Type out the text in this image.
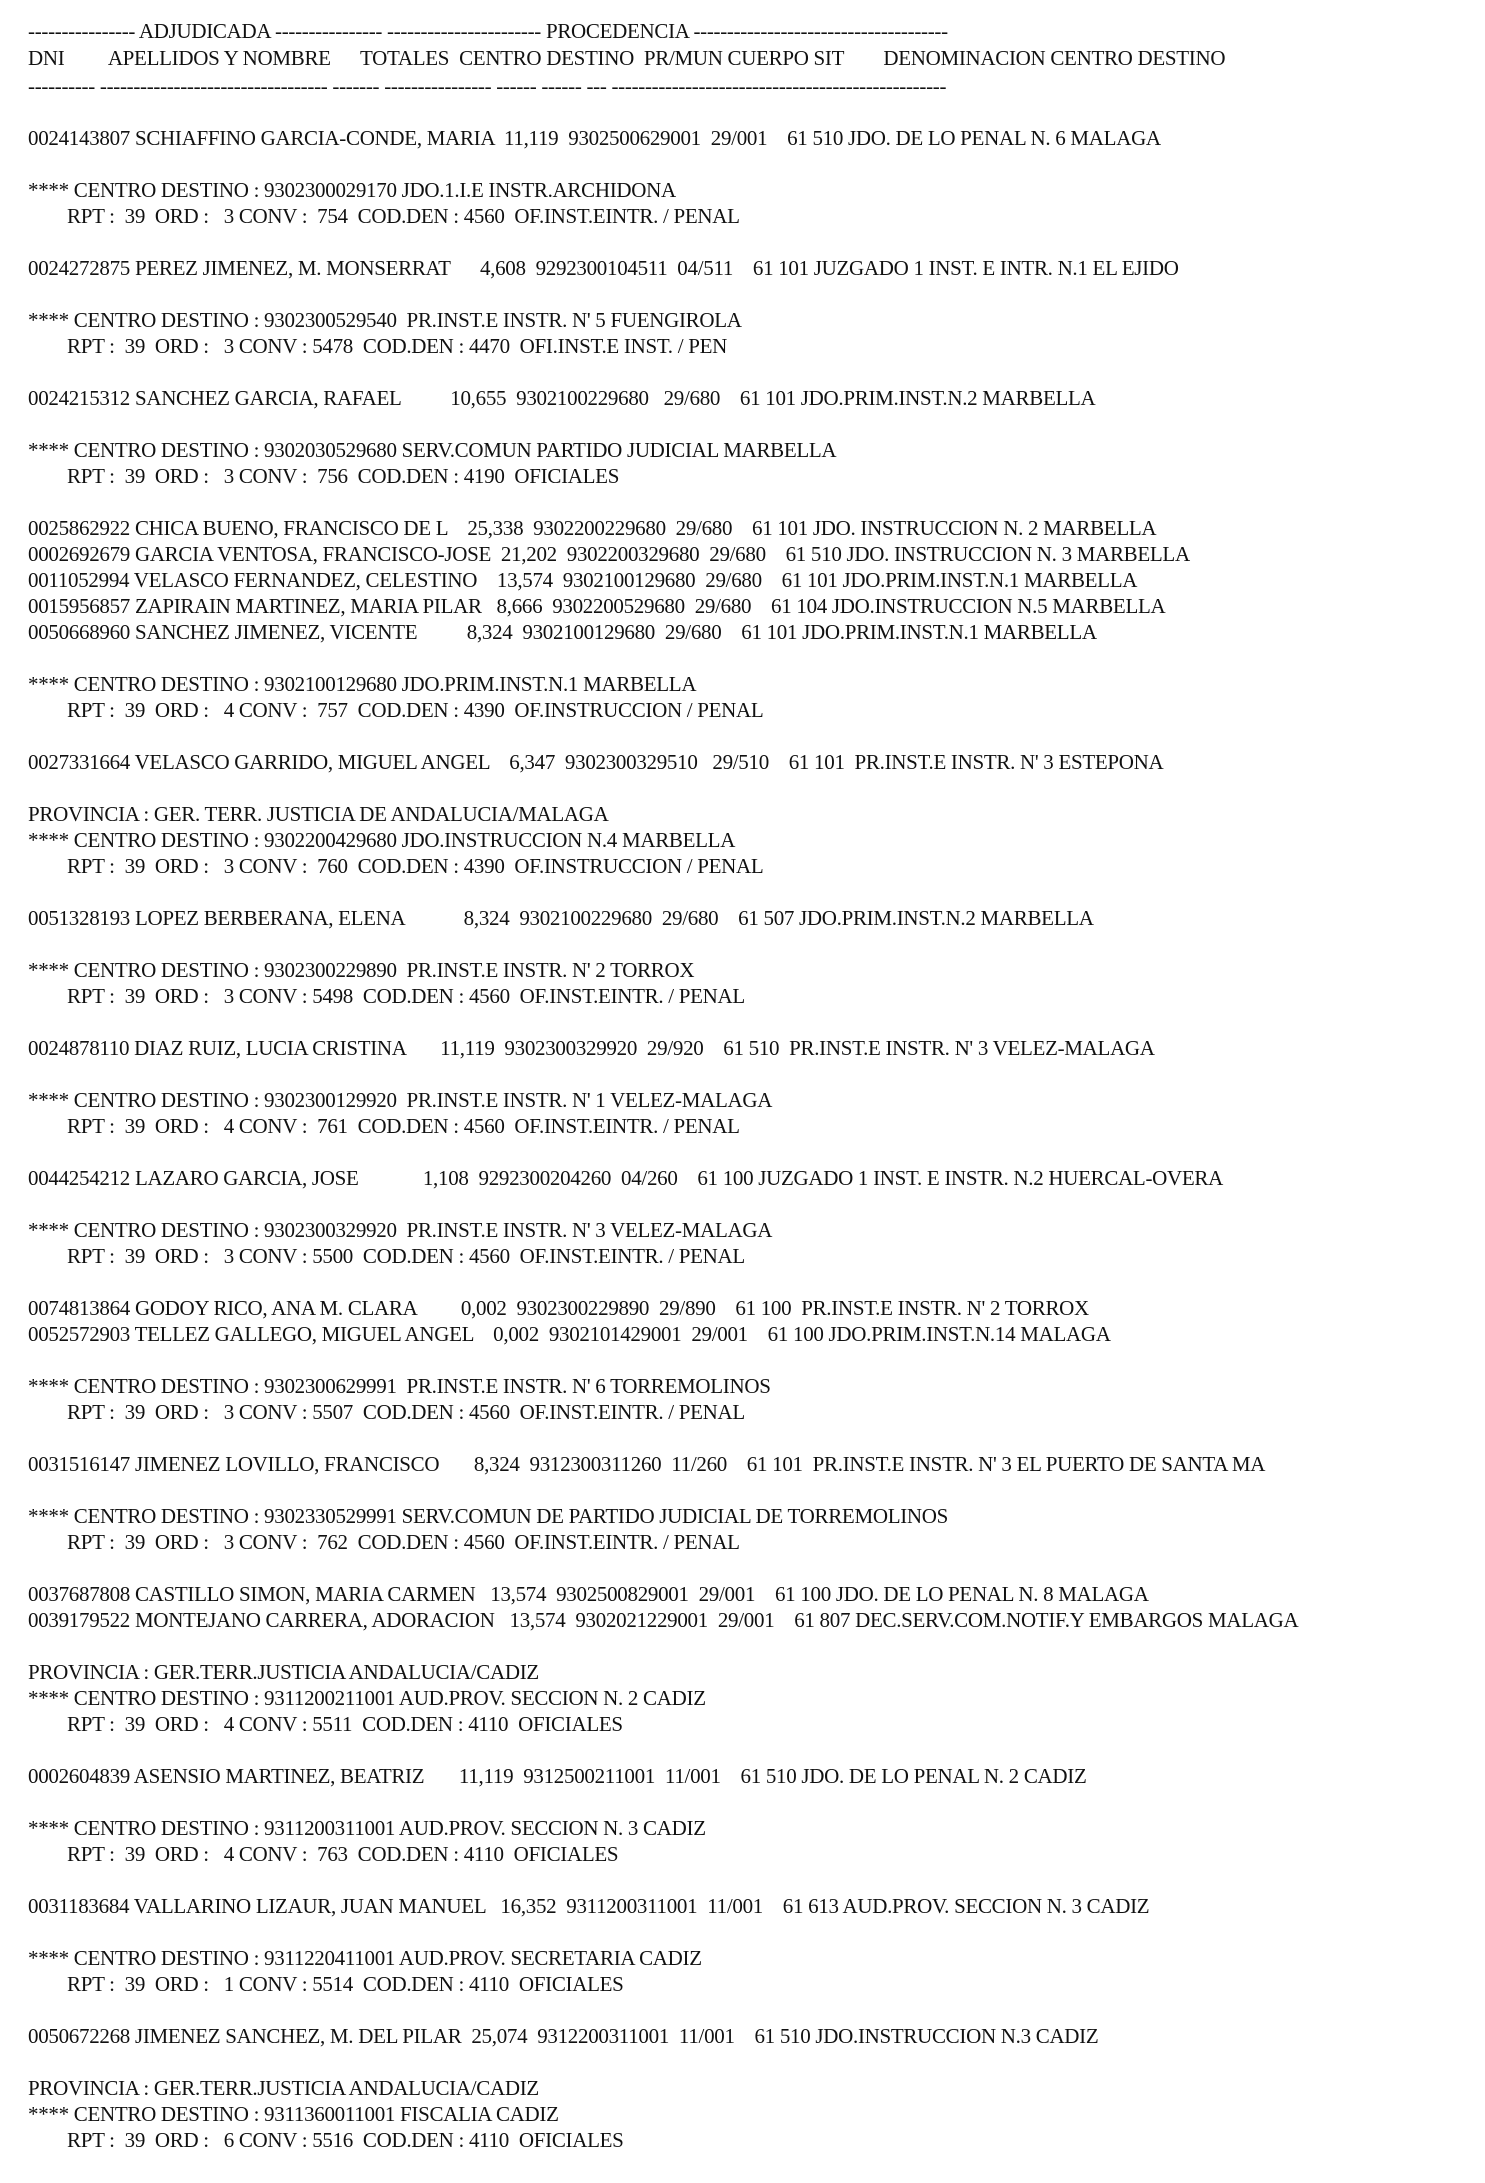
---------------- ADJUDICADA ---------------- ----------------------- PROCEDENCIA --------------------------------------
DNI         APELLIDOS Y NOMBRE      TOTALES  CENTRO DESTINO  PR/MUN CUERPO SIT        DENOMINACION CENTRO DESTINO
---------- ---------------------------------- ------- ---------------- ------ ------ --- --------------------------------------------------
0024143807 SCHIAFFINO GARCIA-CONDE, MARIA  11,119  9302500629001  29/001    61 510 JDO. DE LO PENAL N. 6 MALAGA
**** CENTRO DESTINO : 9302300029170 JDO.1.I.E INSTR.ARCHIDONA
RPT :  39  ORD :   3 CONV :  754  COD.DEN : 4560  OF.INST.EINTR. / PENAL
0024272875 PEREZ JIMENEZ, M. MONSERRAT      4,608  9292300104511  04/511    61 101 JUZGADO 1 INST. E INTR. N.1 EL EJIDO
**** CENTRO DESTINO : 9302300529540  PR.INST.E INSTR. N' 5 FUENGIROLA
RPT :  39  ORD :   3 CONV : 5478  COD.DEN : 4470  OFI.INST.E INST. / PEN
0024215312 SANCHEZ GARCIA, RAFAEL          10,655  9302100229680   29/680    61 101 JDO.PRIM.INST.N.2 MARBELLA
**** CENTRO DESTINO : 9302030529680 SERV.COMUN PARTIDO JUDICIAL MARBELLA
RPT :  39  ORD :   3 CONV :  756  COD.DEN : 4190  OFICIALES
0025862922 CHICA BUENO, FRANCISCO DE L    25,338  9302200229680  29/680    61 101 JDO. INSTRUCCION N. 2 MARBELLA
0002692679 GARCIA VENTOSA, FRANCISCO-JOSE  21,202  9302200329680  29/680    61 510 JDO. INSTRUCCION N. 3 MARBELLA
0011052994 VELASCO FERNANDEZ, CELESTINO    13,574  9302100129680  29/680    61 101 JDO.PRIM.INST.N.1 MARBELLA
0015956857 ZAPIRAIN MARTINEZ, MARIA PILAR   8,666  9302200529680  29/680    61 104 JDO.INSTRUCCION N.5 MARBELLA
0050668960 SANCHEZ JIMENEZ, VICENTE          8,324  9302100129680  29/680    61 101 JDO.PRIM.INST.N.1 MARBELLA
**** CENTRO DESTINO : 9302100129680 JDO.PRIM.INST.N.1 MARBELLA
RPT :  39  ORD :   4 CONV :  757  COD.DEN : 4390  OF.INSTRUCCION / PENAL
0027331664 VELASCO GARRIDO, MIGUEL ANGEL    6,347  9302300329510   29/510    61 101  PR.INST.E INSTR. N' 3 ESTEPONA
PROVINCIA : GER. TERR. JUSTICIA DE ANDALUCIA/MALAGA
**** CENTRO DESTINO : 9302200429680 JDO.INSTRUCCION N.4 MARBELLA
RPT :  39  ORD :   3 CONV :  760  COD.DEN : 4390  OF.INSTRUCCION / PENAL
0051328193 LOPEZ BERBERANA, ELENA            8,324  9302100229680  29/680    61 507 JDO.PRIM.INST.N.2 MARBELLA
**** CENTRO DESTINO : 9302300229890  PR.INST.E INSTR. N' 2 TORROX
RPT :  39  ORD :   3 CONV : 5498  COD.DEN : 4560  OF.INST.EINTR. / PENAL
0024878110 DIAZ RUIZ, LUCIA CRISTINA       11,119  9302300329920  29/920    61 510  PR.INST.E INSTR. N' 3 VELEZ-MALAGA
**** CENTRO DESTINO : 9302300129920  PR.INST.E INSTR. N' 1 VELEZ-MALAGA
RPT :  39  ORD :   4 CONV :  761  COD.DEN : 4560  OF.INST.EINTR. / PENAL
0044254212 LAZARO GARCIA, JOSE             1,108  9292300204260  04/260    61 100 JUZGADO 1 INST. E INSTR. N.2 HUERCAL-OVERA
**** CENTRO DESTINO : 9302300329920  PR.INST.E INSTR. N' 3 VELEZ-MALAGA
RPT :  39  ORD :   3 CONV : 5500  COD.DEN : 4560  OF.INST.EINTR. / PENAL
0074813864 GODOY RICO, ANA M. CLARA         0,002  9302300229890  29/890    61 100  PR.INST.E INSTR. N' 2 TORROX
0052572903 TELLEZ GALLEGO, MIGUEL ANGEL    0,002  9302101429001  29/001    61 100 JDO.PRIM.INST.N.14 MALAGA
**** CENTRO DESTINO : 9302300629991  PR.INST.E INSTR. N' 6 TORREMOLINOS
RPT :  39  ORD :   3 CONV : 5507  COD.DEN : 4560  OF.INST.EINTR. / PENAL
0031516147 JIMENEZ LOVILLO, FRANCISCO       8,324  9312300311260  11/260    61 101  PR.INST.E INSTR. N' 3 EL PUERTO DE SANTA MA
**** CENTRO DESTINO : 9302330529991 SERV.COMUN DE PARTIDO JUDICIAL DE TORREMOLINOS
RPT :  39  ORD :   3 CONV :  762  COD.DEN : 4560  OF.INST.EINTR. / PENAL
0037687808 CASTILLO SIMON, MARIA CARMEN   13,574  9302500829001  29/001    61 100 JDO. DE LO PENAL N. 8 MALAGA
0039179522 MONTEJANO CARRERA, ADORACION   13,574  9302021229001  29/001    61 807 DEC.SERV.COM.NOTIF.Y EMBARGOS MALAGA
PROVINCIA : GER.TERR.JUSTICIA ANDALUCIA/CADIZ
**** CENTRO DESTINO : 9311200211001 AUD.PROV. SECCION N. 2 CADIZ
RPT :  39  ORD :   4 CONV : 5511  COD.DEN : 4110  OFICIALES
0002604839 ASENSIO MARTINEZ, BEATRIZ       11,119  9312500211001  11/001    61 510 JDO. DE LO PENAL N. 2 CADIZ
**** CENTRO DESTINO : 9311200311001 AUD.PROV. SECCION N. 3 CADIZ
RPT :  39  ORD :   4 CONV :  763  COD.DEN : 4110  OFICIALES
0031183684 VALLARINO LIZAUR, JUAN MANUEL   16,352  9311200311001  11/001    61 613 AUD.PROV. SECCION N. 3 CADIZ
**** CENTRO DESTINO : 9311220411001 AUD.PROV. SECRETARIA CADIZ
RPT :  39  ORD :   1 CONV : 5514  COD.DEN : 4110  OFICIALES
0050672268 JIMENEZ SANCHEZ, M. DEL PILAR  25,074  9312200311001  11/001    61 510 JDO.INSTRUCCION N.3 CADIZ
PROVINCIA : GER.TERR.JUSTICIA ANDALUCIA/CADIZ
**** CENTRO DESTINO : 9311360011001 FISCALIA CADIZ
RPT :  39  ORD :   6 CONV : 5516  COD.DEN : 4110  OFICIALES
